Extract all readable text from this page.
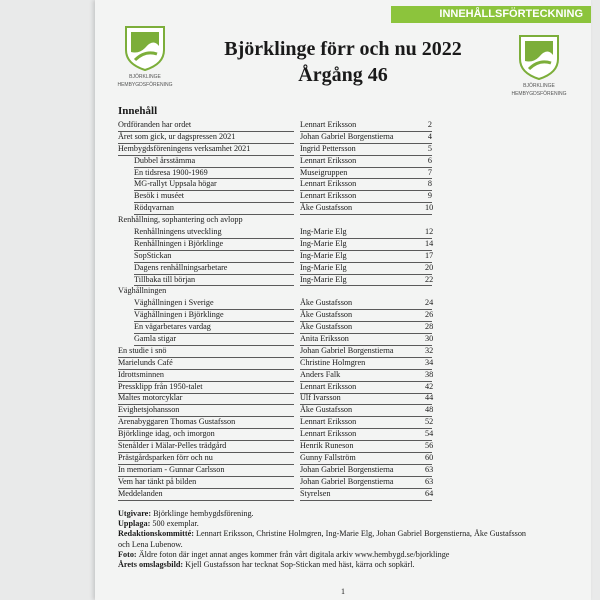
INNEHÅLLSFÖRTECKNING
BJÖRKLINGE
HEMBYGDSFÖRENING	BJÖRKLINGE
HEMBYGDSFÖRENING
Björklinge förr och nu 2022
Årgång 46
Innehåll
Ordföranden har ordet	Lennart Eriksson	2
Året som gick, ur dagspressen 2021	Johan Gabriel Borgenstierna	4
Hembygdsföreningens verksamhet 2021	Ingrid Pettersson	5
Dubbel årsstämma	Lennart Eriksson	6
En tidsresa 1900-1969	Museigruppen	7
MG-rallyt Uppsala högar	Lennart Eriksson	8
Besök i muséet	Lennart Eriksson	9
Rödqvarnan	Åke Gustafsson	10
Renhållning, sophantering och avlopp
Renhållningens utveckling	Ing-Marie Elg	12
Renhållningen i Björklinge	Ing-Marie Elg	14
SopStickan	Ing-Marie Elg	17
Dagens renhållningsarbetare	Ing-Marie Elg	20
Tillbaka till början	Ing-Marie Elg	22
Väghållningen
Väghållningen i Sverige	Åke Gustafsson	24
Väghållningen i Björklinge	Åke Gustafsson	26
En vägarbetares vardag	Åke Gustafsson	28
Gamla stigar	Anita Eriksson	30
En studie i snö	Johan Gabriel Borgenstierna	32
Marielunds Café	Christine Holmgren	34
Idrottsminnen	Anders Falk	38
Pressklipp från 1950-talet	Lennart Eriksson	42
Maltes motorcyklar	Ulf Ivarsson	44
Evighetsjohansson	Åke Gustafsson	48
Arenabyggaren Thomas Gustafsson	Lennart Eriksson	52
Björklinge idag, och imorgon	Lennart Eriksson	54
Stenålder i Mälar-Pelles trädgård	Henrik Runeson	56
Prästgårdsparken förr och nu	Gunny Fallström	60
In memoriam - Gunnar Carlsson	Johan Gabriel Borgenstierna	63
Vem har tänkt på bilden	Johan Gabriel Borgenstierna	63
Meddelanden	Styrelsen	64
Utgivare: Björklinge hembygdsförening.
Upplaga: 500 exemplar.
Redaktionskommitté: Lennart Eriksson, Christine Holmgren, Ing-Marie Elg, Johan Gabriel Borgenstierna, Åke Gustafsson och Lena Lubenow.
Foto: Äldre foton där inget annat anges kommer från vårt digitala arkiv www.hembygd.se/bjorklinge
Årets omslagsbild: Kjell Gustafsson har tecknat Sop-Stickan med häst, kärra och sopkärl.
1
